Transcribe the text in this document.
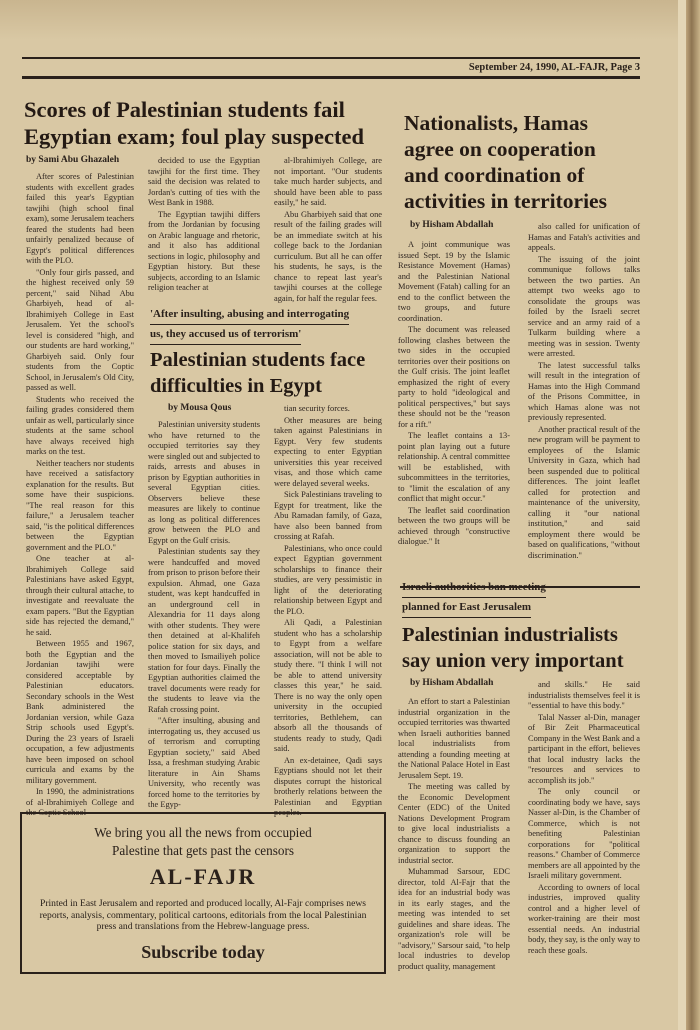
September 24, 1990, AL-FAJR, Page 3
Scores of Palestinian students fail
Egyptian exam; foul play suspected

by Sami Abu Ghazaleh

After scores of Palestinian students with excellent grades failed this year's Egyptian tawjihi (high school final exam), some Jerusalem teachers feared the students had been unfairly penalized because of Egypt's political differences with the PLO.

"Only four girls passed, and the highest received only 59 percent," said Nihad Abu Gharbiyeh, head of al-Ibrahimiyeh College in East Jerusalem. Yet the school's level is considered "high, and our students are hard working," Gharbiyeh said. Only four students from the Coptic School, in Jerusalem's Old City, passed as well.

Students who received the failing grades considered them unfair as well, particularly since students at the same school have always received high marks on the test.

Neither teachers nor students have received a satisfactory explanation for the results. But some have their suspicions. "The real reason for this failure," a Jerusalem teacher said, "is the political differences between the Egyptian government and the PLO."

One teacher at al-Ibrahimiyeh College said Palestinians have asked Egypt, through their cultural attache, to investigate and reevaluate the exam papers. "But the Egyptian side has rejected the demand," he said.

Between 1955 and 1967, both the Egyptian and the Jordanian tawjihi were considered acceptable by Palestinian educators. Secondary schools in the West Bank administered the Jordanian version, while Gaza Strip schools used Egypt's. During the 23 years of Israeli occupation, a few adjustments have been imposed on school curricula and exams by the military government.

In 1990, the administrations of al-Ibrahimiyeh College and the Coptic School

decided to use the Egyptian tawjihi for the first time. They said the decision was related to Jordan's cutting of ties with the West Bank in 1988.

The Egyptian tawjihi differs from the Jordanian by focusing on Arabic language and rhetoric, and it also has additional sections in logic, philosophy and Egyptian history. But these subjects, according to an Islamic religion teacher at

al-Ibrahimiyeh College, are not important. "Our students take much harder subjects, and should have been able to pass easily," he said.

Abu Gharbiyeh said that one result of the failing grades will be an immediate switch at his college back to the Jordanian curriculum. But all he can offer his students, he says, is the chance to repeat last year's tawjihi courses at the college again, for half the regular fees.

'After insulting, abusing and interrogating
us, they accused us of terrorism'
Palestinian students face
difficulties in Egypt

by Mousa Qous

Palestinian university students who have returned to the occupied territories say they were singled out and subjected to raids, arrests and abuses in prison by Egyptian authorities in several Egyptian cities. Observers believe these measures are likely to continue as long as political differences grow between the PLO and Egypt on the Gulf crisis.

Palestinian students say they were handcuffed and moved from prison to prison before their expulsion. Ahmad, one Gaza student, was kept handcuffed in an underground cell in Alexandria for 11 days along with other students. They were then detained at al-Khalifeh police station for six days, and then moved to Ismailiyeh police station for four days. Finally the Egyptian authorities claimed the travel documents were ready for the students to leave via the Rafah crossing point.

"After insulting, abusing and interrogating us, they accused us of terrorism and corrupting Egyptian society," said Abed Issa, a freshman studying Arabic literature in Ain Shams University, who recently was forced home to the territories by the Egyp-

tian security forces.

Other measures are being taken against Palestinians in Egypt. Very few students expecting to enter Egyptian universities this year received visas, and those which came were delayed several weeks.

Sick Palestinians traveling to Egypt for treatment, like the Abu Ramadan family, of Gaza, have also been banned from crossing at Rafah.

Palestinians, who once could expect Egyptian government scholarships to finance their studies, are very pessimistic in light of the deteriorating relationship between Egypt and the PLO.

Ali Qadi, a Palestinian student who has a scholarship to Egypt from a welfare association, will not be able to study there. "I think I will not be able to attend university classes this year," he said. There is no way the only open university in the occupied territories, Bethlehem, can absorb all the thousands of students ready to study, Qadi said.

An ex-detainee, Qadi says Egyptians should not let their disputes corrupt the historical brotherly relations between the Palestinian and Egyptian peoples.

Nationalists, Hamas
agree on cooperation
and coordination of
activities in territories

by Hisham Abdallah

A joint communique was issued Sept. 19 by the Islamic Resistance Movement (Hamas) and the Palestinian National Movement (Fatah) calling for an end to the conflict between the two groups, and future coordination.

The document was released following clashes between the two sides in the occupied territories over their positions on the Gulf crisis. The joint leaflet emphasized the right of every party to hold "ideological and political perspectives," but says these should not be the "reason for a rift."

The leaflet contains a 13-point plan laying out a future relationship. A central committee will be established, with subcommittees in the territories, to "limit the escalation of any conflict that might occur."

The leaflet said coordination between the two groups will be achieved through "constructive dialogue." It

also called for unification of Hamas and Fatah's activities and appeals.

The issuing of the joint communique follows talks between the two parties. An attempt two weeks ago to consolidate the groups was foiled by the Israeli secret service and an army raid of a Tulkarm building where a meeting was in session. Twenty were arrested.

The latest successful talks will result in the integration of Hamas into the High Command of the Prisons Committee, in which Hamas alone was not previously represented.

Another practical result of the new program will be payment to employees of the Islamic University in Gaza, which had been suspended due to political differences. The joint leaflet called for protection and maintenance of the university, calling it "our national institution," and said employment there would be based on qualifications, "without discrimination."

Israeli authorities ban meeting
planned for East Jerusalem
Palestinian industrialists
say union very important

by Hisham Abdallah

An effort to start a Palestinian industrial organization in the occupied territories was thwarted when Israeli authorities banned local industrialists from attending a founding meeting at the National Palace Hotel in East Jerusalem Sept. 19.

The meeting was called by the Economic Development Center (EDC) of the United Nations Development Program to give local industrialists a chance to discuss founding an organization to support the industrial sector.

Muhammad Sarsour, EDC director, told Al-Fajr that the idea for an industrial body was in its early stages, and the meeting was intended to set guidelines and share ideas. The organization's role will be "advisory," Sarsour said, "to help local industries to develop product quality, management

and skills." He said industrialists themselves feel it is "essential to have this body."

Talal Nasser al-Din, manager of Bir Zeit Pharmaceutical Company in the West Bank and a participant in the effort, believes that local industry lacks the "resources and services to accomplish its job."

The only council or coordinating body we have, says Nasser al-Din, is the Chamber of Commerce, which is not benefiting Palestinian corporations for "political reasons." Chamber of Commerce members are all appointed by the Israeli military government.

According to owners of local industries, improved quality control and a higher level of worker-training are their most essential needs. An industrial body, they say, is the only way to reach these goals.

We bring you all the news from occupied
Palestine that gets past the censors
AL-FAJR
Printed in East Jerusalem and reported and produced locally, Al-Fajr comprises news reports, analysis, commentary, political cartoons, editorials from the local Palestinian press and translations from the Hebrew-language press.
Subscribe today
